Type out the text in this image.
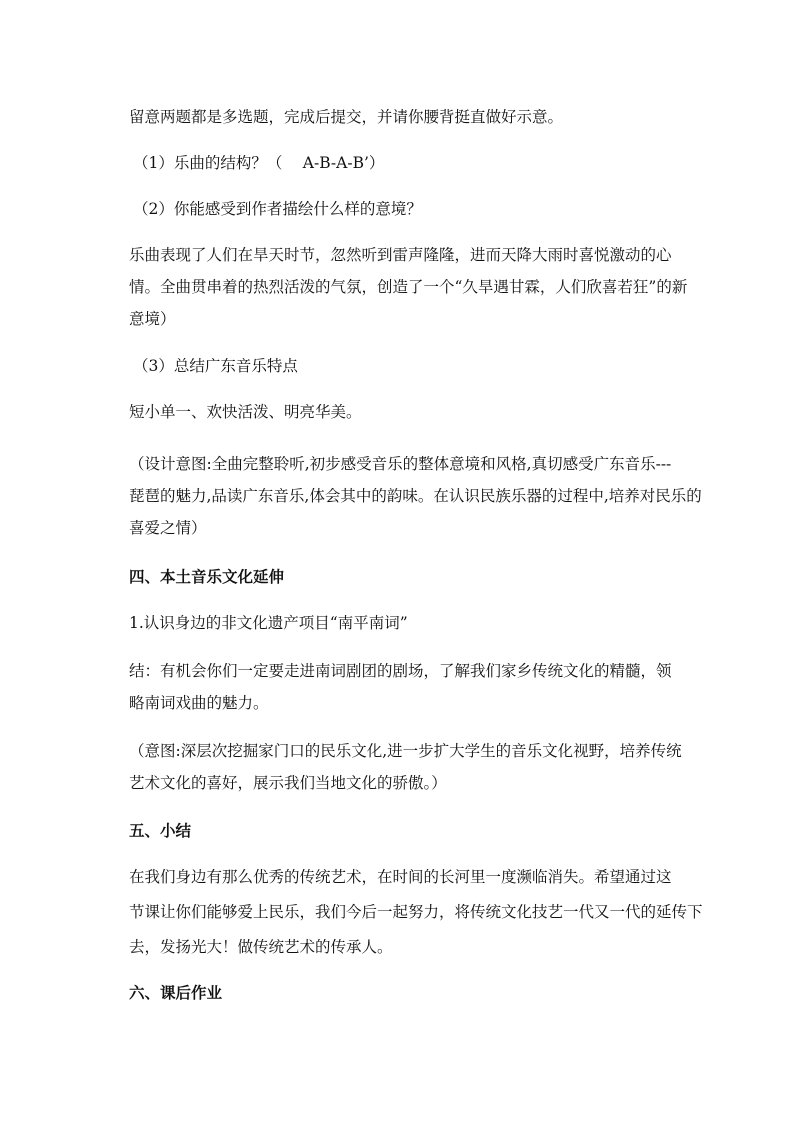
留意两题都是多选题，完成后提交，并请你腰背挺直做好示意。

（1）乐曲的结构？（　 A-B-A-B’）

（2）你能感受到作者描绘什么样的意境？

乐曲表现了人们在旱天时节，忽然听到雷声隆隆，进而天降大雨时喜悦激动的心

情。全曲贯串着的热烈活泼的气氛，创造了一个“久旱遇甘霖，人们欣喜若狂”的新

意境）

（3）总结广东音乐特点

短小单一、欢快活泼、明亮华美。

（设计意图:全曲完整聆听,初步感受音乐的整体意境和风格,真切感受广东音乐---

琵琶的魅力,品读广东音乐,体会其中的韵味。在认识民族乐器的过程中,培养对民乐的

喜爱之情）

四、本土音乐文化延伸

1.认识身边的非文化遗产项目“南平南词”

结：有机会你们一定要走进南词剧团的剧场，了解我们家乡传统文化的精髓，领

略南词戏曲的魅力。

（意图:深层次挖掘家门口的民乐文化,进一步扩大学生的音乐文化视野，培养传统

艺术文化的喜好，展示我们当地文化的骄傲。）

五、小结

在我们身边有那么优秀的传统艺术，在时间的长河里一度濒临消失。希望通过这

节课让你们能够爱上民乐，我们今后一起努力，将传统文化技艺一代又一代的延传下

去，发扬光大！做传统艺术的传承人。

六、课后作业
